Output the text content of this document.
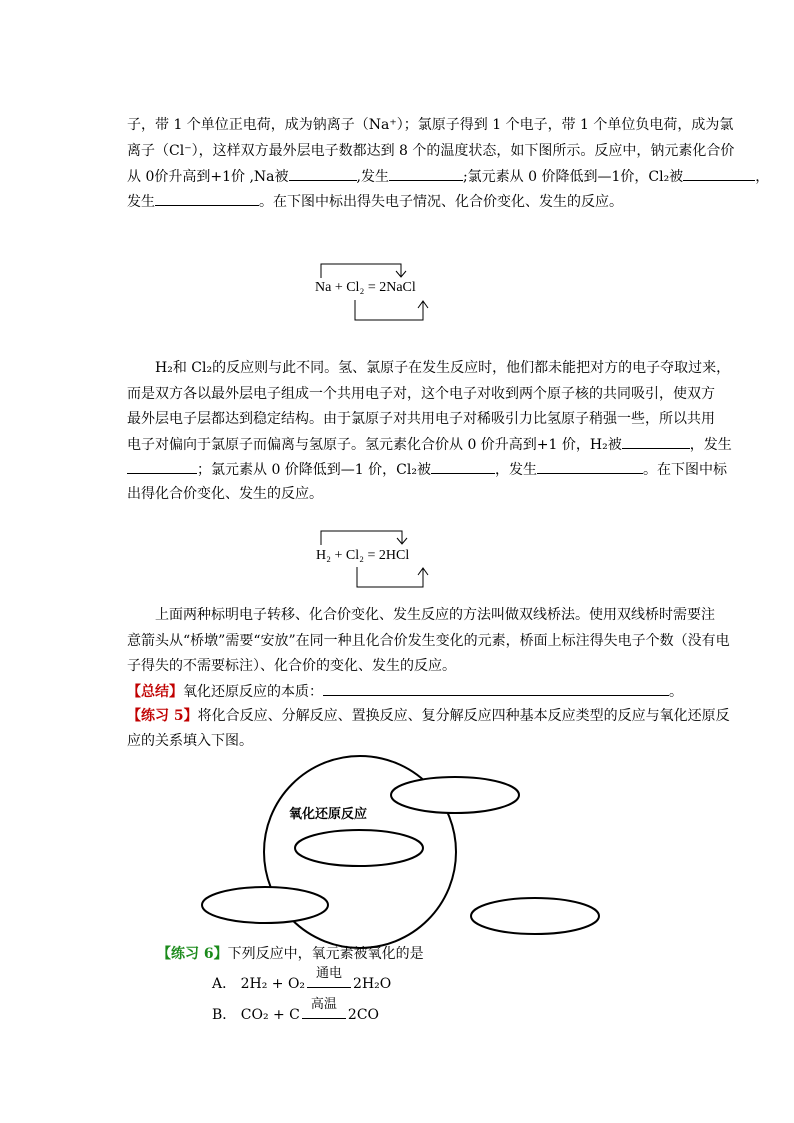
子，带 1 个单位正电荷，成为钠离子（Na⁺）；氯原子得到 1 个电子，带 1 个单位负电荷，成为氯
离子（Cl⁻），这样双方最外层电子数都达到 8 个的温度状态，如下图所示。反应中，钠元素化合价
从 0价升高到+1价 ,Na被	,发生	;氯元素从 0 价降低到—1价，Cl₂被	，
发生	。在下图中标出得失电子情况、化合价变化、发生的反应。
Na + Cl₂ = 2NaCl
H₂和 Cl₂的反应则与此不同。氢、氯原子在发生反应时，他们都未能把对方的电子夺取过来，
而是双方各以最外层电子组成一个共用电子对，这个电子对收到两个原子核的共同吸引，使双方
最外层电子层都达到稳定结构。由于氯原子对共用电子对稀吸引力比氢原子稍强一些，所以共用
电子对偏向于氯原子而偏离与氢原子。氢元素化合价从 0 价升高到+1 价，H₂被	，发生
；氯元素从 0 价降低到—1 价，Cl₂被	，发生	。在下图中标
出得化合价变化、发生的反应。
H₂ + Cl₂ = 2HCl
上面两种标明电子转移、化合价变化、发生反应的方法叫做双线桥法。使用双线桥时需要注
意箭头从“桥墩”需要“安放”在同一种且化合价发生变化的元素，桥面上标注得失电子个数（没有电
子得失的不需要标注）、化合价的变化、发生的反应。
【总结】氧化还原反应的本质：	。
【练习 5】将化合反应、分解反应、置换反应、复分解反应四种基本反应类型的反应与氧化还原反
应的关系填入下图。
氧化还原反应
【练习 6】下列反应中，氧元素被氧化的是
A． 2H₂ + O₂
通电
2H₂O
B． CO₂ + C
高温
2CO
